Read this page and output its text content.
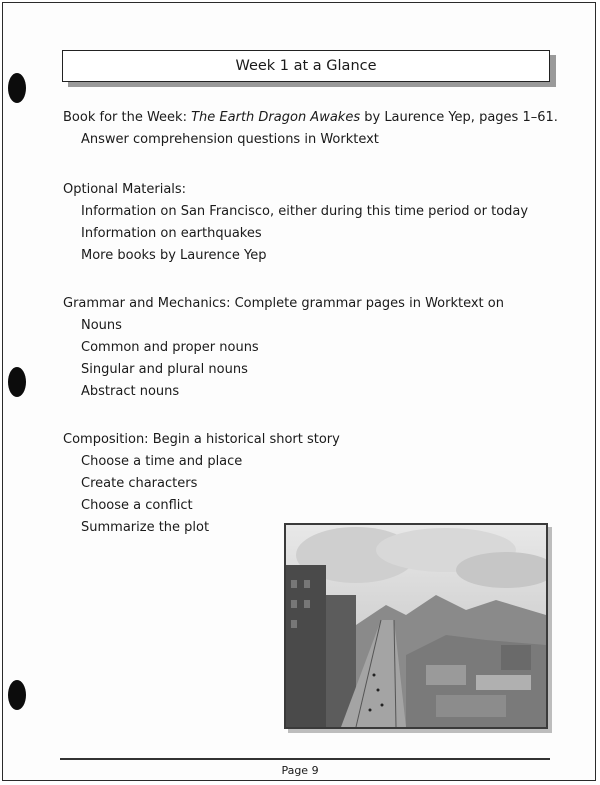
Week 1 at a Glance

Book for the Week: The Earth Dragon Awakes by Laurence Yep, pages 1–61.

Answer comprehension questions in Worktext

Optional Materials:

Information on San Francisco, either during this time period or today

Information on earthquakes

More books by Laurence Yep

Grammar and Mechanics: Complete grammar pages in Worktext on

Nouns

Common and proper nouns

Singular and plural nouns

Abstract nouns

Composition: Begin a historical short story

Choose a time and place

Create characters

Choose a conflict

Summarize the plot

Page 9
